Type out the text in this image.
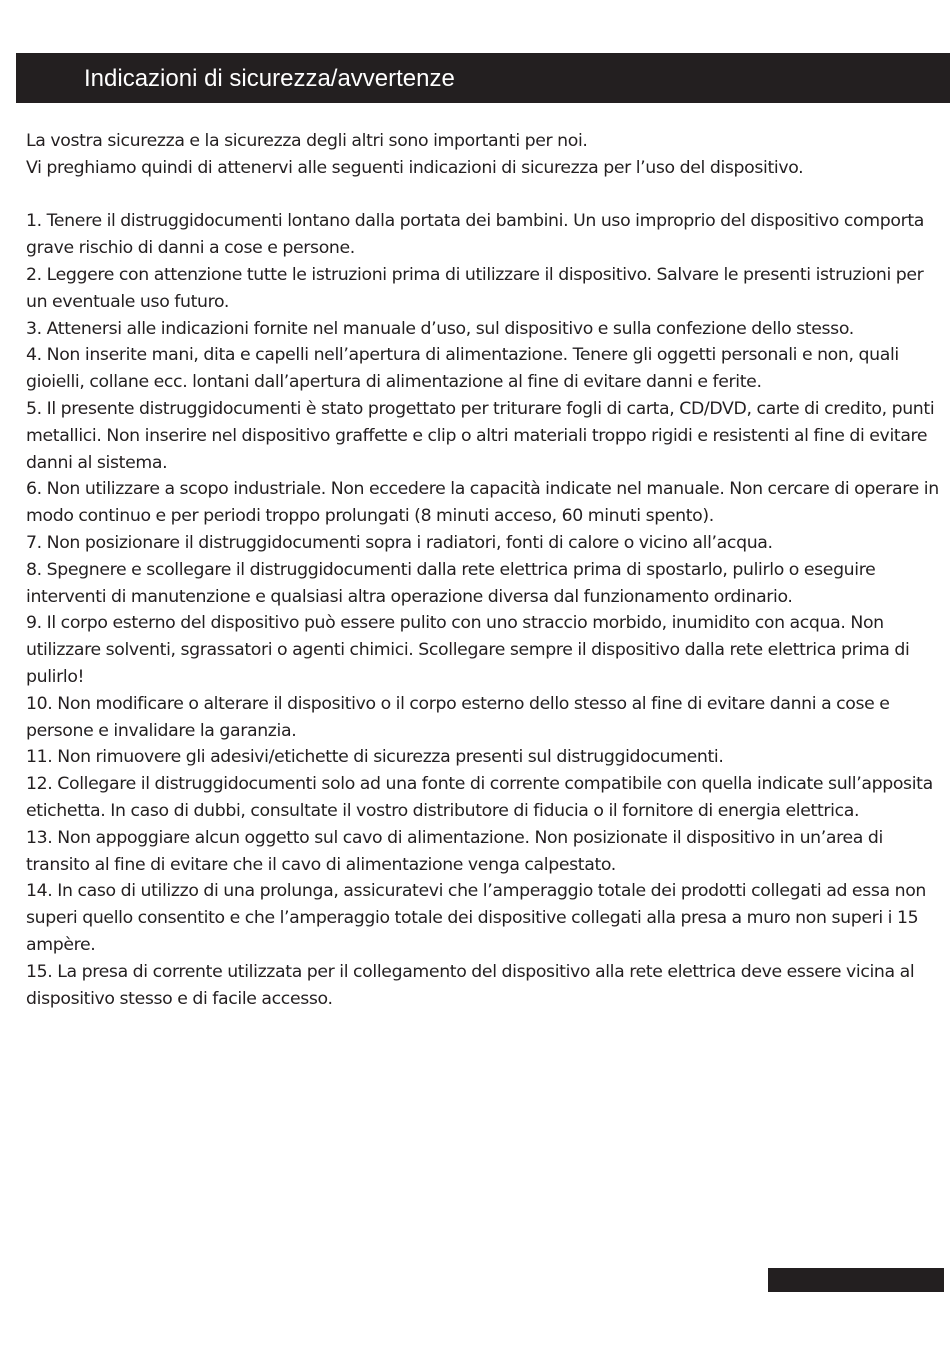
Indicazioni di sicurezza/avvertenze

La vostra sicurezza e la sicurezza degli altri sono importanti per noi.

Vi preghiamo quindi di attenervi alle seguenti indicazioni di sicurezza per l’uso del dispositivo.

1. Tenere il distruggidocumenti lontano dalla portata dei bambini. Un uso improprio del dispositivo comporta grave rischio di danni a cose e persone.
2. Leggere con attenzione tutte le istruzioni prima di utilizzare il dispositivo. Salvare le presenti istruzioni per un eventuale uso futuro.
3. Attenersi alle indicazioni fornite nel manuale d’uso, sul dispositivo e sulla confezione dello stesso.
4. Non inserite mani, dita e capelli nell’apertura di alimentazione. Tenere gli oggetti personali e non, quali gioielli, collane ecc. lontani dall’apertura di alimentazione al fine di evitare danni e ferite.
5. Il presente distruggidocumenti è stato progettato per triturare fogli di carta, CD/DVD, carte di credito, punti metallici. Non inserire nel dispositivo graffette e clip o altri materiali troppo rigidi e resistenti al fine di evitare danni al sistema.
6. Non utilizzare a scopo industriale. Non eccedere la capacità indicate nel manuale. Non cercare di operare in modo continuo e per periodi troppo prolungati (8 minuti acceso, 60 minuti spento).
7. Non posizionare il distruggidocumenti sopra i radiatori, fonti di calore o vicino all’acqua.
8. Spegnere e scollegare il distruggidocumenti dalla rete elettrica prima di spostarlo, pulirlo o eseguire interventi di manutenzione e qualsiasi altra operazione diversa dal funzionamento ordinario.
9. Il corpo esterno del dispositivo può essere pulito con uno straccio morbido, inumidito con acqua. Non utilizzare solventi, sgrassatori o agenti chimici. Scollegare sempre il dispositivo dalla rete elettrica prima di pulirlo!
10. Non modificare o alterare il dispositivo o il corpo esterno dello stesso al fine di evitare danni a cose e persone e invalidare la garanzia.
11. Non rimuovere gli adesivi/etichette di sicurezza presenti sul distruggidocumenti.
12. Collegare il distruggidocumenti solo ad una fonte di corrente compatibile con quella indicate sull’apposita etichetta. In caso di dubbi, consultate il vostro distributore di fiducia o il fornitore di energia elettrica.
13. Non appoggiare alcun oggetto sul cavo di alimentazione. Non posizionate il dispositivo in un’area di transito al fine di evitare che il cavo di alimentazione venga calpestato.
14. In caso di utilizzo di una prolunga, assicuratevi che l’amperaggio totale dei prodotti collegati ad essa non superi quello consentito e che l’amperaggio totale dei dispositive collegati alla presa a muro non superi i 15 ampère.
15. La presa di corrente utilizzata per il collegamento del dispositivo alla rete elettrica deve essere vicina al dispositivo stesso e di facile accesso.
